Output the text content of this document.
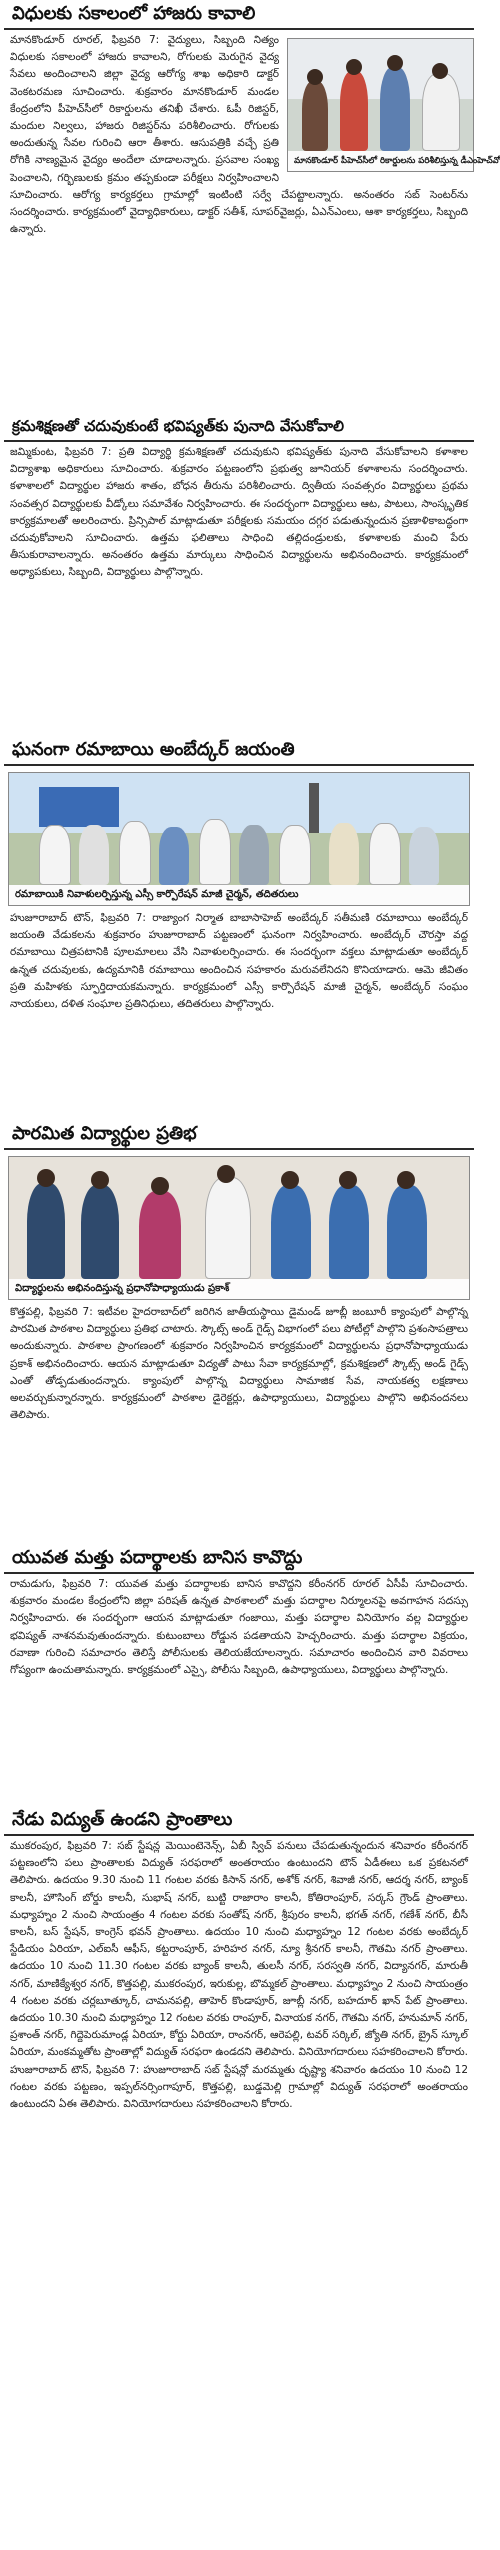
విధులకు సకాలంలో హాజరు కావాలి
మానకొండూర్ పీహెచ్‌సీలో రికార్డులను పరిశీలిస్తున్న డీఎంహెచ్‌వో
మానకొండూర్ రూరల్, ఫిబ్రవరి 7: వైద్యులు, సిబ్బంది నిత్యం విధులకు సకాలంలో హాజరు కావాలని, రోగులకు మెరుగైన వైద్య సేవలు అందించాలని జిల్లా వైద్య ఆరోగ్య శాఖ అధికారి డాక్టర్ వెంకటరమణ సూచించారు. శుక్రవారం మానకొండూర్ మండల కేంద్రంలోని పీహెచ్‌సీలో రికార్డులను తనిఖీ చేశారు. ఓపీ రిజిస్టర్, మందుల నిల్వలు, హాజరు రిజిస్టర్‌ను పరిశీలించారు. రోగులకు అందుతున్న సేవల గురించి ఆరా తీశారు. ఆసుపత్రికి వచ్చే ప్రతి రోగికి నాణ్యమైన వైద్యం అందేలా చూడాలన్నారు. ప్రసవాల సంఖ్య పెంచాలని, గర్భిణులకు క్రమం తప్పకుండా పరీక్షలు నిర్వహించాలని సూచించారు. ఆరోగ్య కార్యకర్తలు గ్రామాల్లో ఇంటింటి సర్వే చేపట్టాలన్నారు. అనంతరం సబ్ సెంటర్‌ను సందర్శించారు. కార్యక్రమంలో వైద్యాధికారులు, డాక్టర్ సతీశ్, సూపర్‌వైజర్లు, ఏఎన్ఎంలు, ఆశా కార్యకర్తలు, సిబ్బంది ఉన్నారు.
క్రమశిక్షణతో చదువుకుంటే భవిష్యత్‌కు పునాది వేసుకోవాలి
జమ్మికుంట, ఫిబ్రవరి 7: ప్రతి విద్యార్థి క్రమశిక్షణతో చదువుకుని భవిష్యత్‌కు పునాది వేసుకోవాలని కళాశాల విద్యాశాఖ అధికారులు సూచించారు. శుక్రవారం పట్టణంలోని ప్రభుత్వ జూనియర్ కళాశాలను సందర్శించారు. కళాశాలలో విద్యార్థుల హాజరు శాతం, బోధన తీరును పరిశీలించారు. ద్వితీయ సంవత్సరం విద్యార్థులు ప్రథమ సంవత్సర విద్యార్థులకు వీడ్కోలు సమావేశం నిర్వహించారు. ఈ సందర్భంగా విద్యార్థులు ఆట, పాటలు, సాంస్కృతిక కార్యక్రమాలతో అలరించారు. ప్రిన్సిపాల్ మాట్లాడుతూ పరీక్షలకు సమయం దగ్గర పడుతున్నందున ప్రణాళికాబద్ధంగా చదువుకోవాలని సూచించారు. ఉత్తమ ఫలితాలు సాధించి తల్లిదండ్రులకు, కళాశాలకు మంచి పేరు తీసుకురావాలన్నారు. అనంతరం ఉత్తమ మార్కులు సాధించిన విద్యార్థులను అభినందించారు. కార్యక్రమంలో అధ్యాపకులు, సిబ్బంది, విద్యార్థులు పాల్గొన్నారు.
ఘనంగా రమాబాయి అంబేద్కర్ జయంతి
రమాబాయికి నివాళులర్పిస్తున్న ఎస్సీ కార్పొరేషన్ మాజీ చైర్మన్, తదితరులు
హుజూరాబాద్ టౌన్, ఫిబ్రవరి 7: రాజ్యాంగ నిర్మాత బాబాసాహెబ్ అంబేద్కర్ సతీమణి రమాబాయి అంబేద్కర్ జయంతి వేడుకలను శుక్రవారం హుజూరాబాద్ పట్టణంలో ఘనంగా నిర్వహించారు. అంబేద్కర్ చౌరస్తా వద్ద రమాబాయి చిత్రపటానికి పూలమాలలు వేసి నివాళులర్పించారు. ఈ సందర్భంగా వక్తలు మాట్లాడుతూ అంబేద్కర్ ఉన్నత చదువులకు, ఉద్యమానికి రమాబాయి అందించిన సహకారం మరువలేనిదని కొనియాడారు. ఆమె జీవితం ప్రతి మహిళకు స్ఫూర్తిదాయకమన్నారు. కార్యక్రమంలో ఎస్సీ కార్పొరేషన్ మాజీ చైర్మన్, అంబేద్కర్ సంఘం నాయకులు, దళిత సంఘాల ప్రతినిధులు, తదితరులు పాల్గొన్నారు.
పారమిత విద్యార్థుల ప్రతిభ
విద్యార్థులను అభినందిస్తున్న ప్రధానోపాధ్యాయుడు ప్రకాశ్
కొత్తపల్లి, ఫిబ్రవరి 7: ఇటీవల హైదరాబాద్‌లో జరిగిన జాతీయస్థాయి డైమండ్ జూబ్లీ జంబూరీ క్యాంపులో పాల్గొన్న పారమిత పాఠశాల విద్యార్థులు ప్రతిభ చాటారు. స్కౌట్స్ అండ్ గైడ్స్ విభాగంలో పలు పోటీల్లో పాల్గొని ప్రశంసాపత్రాలు అందుకున్నారు. పాఠశాల ప్రాంగణంలో శుక్రవారం నిర్వహించిన కార్యక్రమంలో విద్యార్థులను ప్రధానోపాధ్యాయుడు ప్రకాశ్ అభినందించారు. ఆయన మాట్లాడుతూ విద్యతో పాటు సేవా కార్యక్రమాల్లో, క్రమశిక్షణలో స్కౌట్స్ అండ్ గైడ్స్ ఎంతో తోడ్పడుతుందన్నారు. క్యాంపులో పాల్గొన్న విద్యార్థులు సామాజిక సేవ, నాయకత్వ లక్షణాలు అలవర్చుకున్నారన్నారు. కార్యక్రమంలో పాఠశాల డైరెక్టర్లు, ఉపాధ్యాయులు, విద్యార్థులు పాల్గొని అభినందనలు తెలిపారు.
యువత మత్తు పదార్థాలకు బానిస కావొద్దు
రామడుగు, ఫిబ్రవరి 7: యువత మత్తు పదార్థాలకు బానిస కావొద్దని కరీంనగర్ రూరల్ ఏసీపీ సూచించారు. శుక్రవారం మండల కేంద్రంలోని జిల్లా పరిషత్ ఉన్నత పాఠశాలలో మత్తు పదార్థాల నిర్మూలనపై అవగాహన సదస్సు నిర్వహించారు. ఈ సందర్భంగా ఆయన మాట్లాడుతూ గంజాయి, మత్తు పదార్థాల వినియోగం వల్ల విద్యార్థుల భవిష్యత్ నాశనమవుతుందన్నారు. కుటుంబాలు రోడ్డున పడతాయని హెచ్చరించారు. మత్తు పదార్థాల విక్రయం, రవాణా గురించి సమాచారం తెలిస్తే పోలీసులకు తెలియజేయాలన్నారు. సమాచారం అందించిన వారి వివరాలు గోప్యంగా ఉంచుతామన్నారు. కార్యక్రమంలో ఎస్సై, పోలీసు సిబ్బంది, ఉపాధ్యాయులు, విద్యార్థులు పాల్గొన్నారు.
నేడు విద్యుత్ ఉండని ప్రాంతాలు
ముకరంపుర, ఫిబ్రవరి 7: సబ్ స్టేషన్ల మెయింటెనెన్స్, ఏబీ స్విచ్ పనులు చేపడుతున్నందున శనివారం కరీంనగర్ పట్టణంలోని పలు ప్రాంతాలకు విద్యుత్ సరఫరాలో అంతరాయం ఉంటుందని టౌన్ ఏడీఈలు ఒక ప్రకటనలో తెలిపారు. ఉదయం 9.30 నుంచి 11 గంటల వరకు కిసాన్ నగర్, అశోక్ నగర్, శివాజీ నగర్, ఆదర్శ నగర్, బ్యాంక్ కాలనీ, హౌసింగ్ బోర్డు కాలనీ, సుభాష్ నగర్, బుట్టి రాజారాం కాలనీ, కోతిరాంపూర్, సర్కస్ గ్రౌండ్ ప్రాంతాలు. మధ్యాహ్నం 2 నుంచి సాయంత్రం 4 గంటల వరకు సంతోష్ నగర్, శ్రీపురం కాలనీ, భగత్ నగర్, గణేశ్ నగర్, బీసీ కాలనీ, బస్ స్టేషన్, కాంగ్రెస్ భవన్ ప్రాంతాలు. ఉదయం 10 నుంచి మధ్యాహ్నం 12 గంటల వరకు అంబేద్కర్ స్టేడియం ఏరియా, ఎల్ఐసీ ఆఫీస్, కట్టరాంపూర్, హరిహర నగర్, న్యూ శ్రీనగర్ కాలనీ, గౌతమి నగర్ ప్రాంతాలు. ఉదయం 10 నుంచి 11.30 గంటల వరకు బ్యాంక్ కాలనీ, తులసీ నగర్, సరస్వతి నగర్, విద్యానగర్, మారుతీ నగర్, మాణిక్యేశ్వర నగర్, కొత్తపల్లి, ముకరంపుర, ఇరుకుల్ల, బొమ్మకల్ ప్రాంతాలు. మధ్యాహ్నం 2 నుంచి సాయంత్రం 4 గంటల వరకు చర్లబూత్కూర్, చామనపల్లి, తాహెర్ కొండాపూర్, జూబ్లీ నగర్, బహదూర్ ఖాన్ పేట్ ప్రాంతాలు. ఉదయం 10.30 నుంచి మధ్యాహ్నం 12 గంటల వరకు రాంపూర్, వినాయక నగర్, గౌతమి నగర్, హనుమాన్ నగర్, ప్రశాంత్ నగర్, గిద్దెపెరుమాండ్ల ఏరియా, కోర్టు ఏరియా, రాంనగర్, ఆరెపల్లి, టవర్ సర్కిల్, జ్యోతి నగర్, బ్రైన్ స్కూల్ ఏరియా, మంకమ్మతోట ప్రాంతాల్లో విద్యుత్ సరఫరా ఉండదని తెలిపారు. వినియోగదారులు సహకరించాలని కోరారు. హుజూరాబాద్ టౌన్, ఫిబ్రవరి 7: హుజూరాబాద్ సబ్ స్టేషన్లో మరమ్మతు దృష్ట్యా శనివారం ఉదయం 10 నుంచి 12 గంటల వరకు పట్టణం, ఇప్పల్‌నర్సింగాపూర్, కొత్తపల్లి, బుడ్డమెల్లి గ్రామాల్లో విద్యుత్ సరఫరాలో అంతరాయం ఉంటుందని ఏఈ తెలిపారు. వినియోగదారులు సహకరించాలని కోరారు.
